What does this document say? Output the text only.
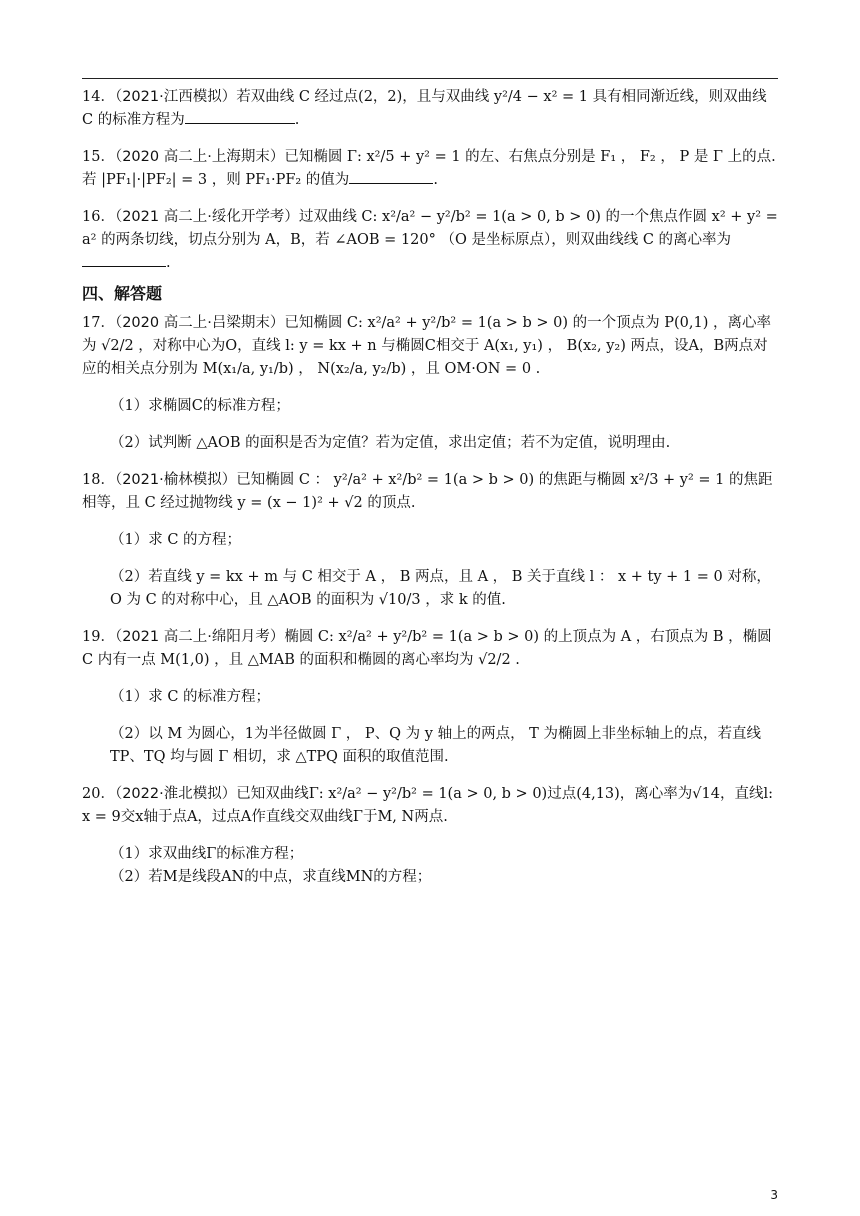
14．（2021·江西模拟）若双曲线 C 经过点(2，2)，且与双曲线 y²/4 − x² = 1 具有相同渐近线，则双曲线 C 的标准方程为	.

15．（2020 高二上·上海期末）已知椭圆 Γ: x²/5 + y² = 1 的左、右焦点分别是 F₁ ， F₂ ， P 是 Γ 上的点.若 |PF₁|·|PF₂| = 3 ，则 PF₁·PF₂ 的值为	.

16．（2021 高二上·绥化开学考）过双曲线 C: x²/a² − y²/b² = 1(a > 0, b > 0) 的一个焦点作圆 x² + y² = a² 的两条切线，切点分别为 A，B，若 ∠AOB = 120° （O 是坐标原点），则双曲线线 C 的离心率为.

四、解答题

17．（2020 高二上·吕梁期末）已知椭圆 C: x²/a² + y²/b² = 1(a > b > 0) 的一个顶点为 P(0,1) ，离心率为 √2/2 ，对称中心为O，直线 l: y = kx + n 与椭圆C相交于 A(x₁, y₁) ， B(x₂, y₂) 两点，设A，B两点对应的相关点分别为 M(x₁/a, y₁/b) ， N(x₂/a, y₂/b) ，且 OM·ON = 0 .

（1）求椭圆C的标准方程；

（2）试判断 △AOB 的面积是否为定值？若为定值，求出定值；若不为定值，说明理由.

18．（2021·榆林模拟）已知椭圆 C ： y²/a² + x²/b² = 1(a > b > 0) 的焦距与椭圆 x²/3 + y² = 1 的焦距相等，且 C 经过抛物线 y = (x − 1)² + √2 的顶点.

（1）求 C 的方程；

（2）若直线 y = kx + m 与 C 相交于 A ， B 两点，且 A ， B 关于直线 l ： x + ty + 1 = 0 对称， O 为 C 的对称中心，且 △AOB 的面积为 √10/3 ，求 k 的值.

19．（2021 高二上·绵阳月考）椭圆 C: x²/a² + y²/b² = 1(a > b > 0) 的上顶点为 A ，右顶点为 B ，椭圆 C 内有一点 M(1,0) ，且 △MAB 的面积和椭圆的离心率均为 √2/2 .

（1）求 C 的标准方程；

（2）以 M 为圆心，1为半径做圆 Γ ， P、Q 为 y 轴上的两点， T 为椭圆上非坐标轴上的点，若直线 TP、TQ 均与圆 Γ 相切，求 △TPQ 面积的取值范围.

20．（2022·淮北模拟）已知双曲线Γ: x²/a² − y²/b² = 1(a > 0, b > 0)过点(4,13)，离心率为√14，直线l: x = 9交x轴于点A，过点A作直线交双曲线Γ于M, N两点.

（1）求双曲线Γ的标准方程；

（2）若M是线段AN的中点，求直线MN的方程；

3
